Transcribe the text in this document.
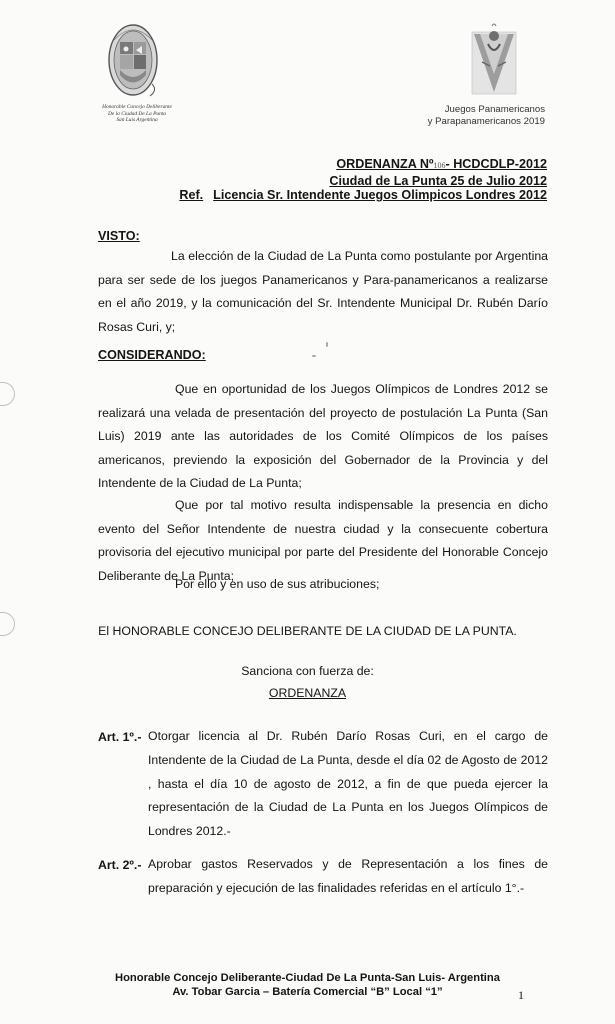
Honorable Concejo Deliberante
De la Ciudad De La Punta
San Luis Argentina
Juegos Panamericanos
y Parapanamericanos 2019
ORDENANZA Nº106- HCDCDLP-2012
Ciudad de La Punta 25 de Julio 2012
Ref. Licencia Sr. Intendente Juegos Olimpicos Londres 2012
VISTO:
La elección de la Ciudad de La Punta como postulante por Argentina para ser sede de los juegos Panamericanos y Para-panamericanos a realizarse en el año 2019, y la comunicación del Sr. Intendente Municipal Dr. Rubén Darío Rosas Curi, y;
CONSIDERANDO:
Que en oportunidad de los Juegos Olímpicos de Londres 2012 se realizará una velada de presentación del proyecto de postulación La Punta (San Luis) 2019 ante las autoridades de los Comité Olímpicos de los países americanos, previendo la exposición del Gobernador de la Provincia y del Intendente de la Ciudad de La Punta;
Que por tal motivo resulta indispensable la presencia en dicho evento del Señor Intendente de nuestra ciudad y la consecuente cobertura provisoria del ejecutivo municipal por parte del Presidente del Honorable Concejo Deliberante de La Punta;
Por ello y en uso de sus atribuciones;
El HONORABLE CONCEJO DELIBERANTE DE LA CIUDAD DE LA PUNTA.
Sanciona con fuerza de:
ORDENANZA
Art. 1º.- Otorgar licencia al Dr. Rubén Darío Rosas Curi, en el cargo de Intendente de la Ciudad de La Punta, desde el día 02 de Agosto de 2012 , hasta el día 10 de agosto de 2012, a fin de que pueda ejercer la representación de la Ciudad de La Punta en los Juegos Olímpicos de Londres 2012.-
Art. 2º.- Aprobar gastos Reservados y de Representación a los fines de preparación y ejecución de las finalidades referidas en el artículo 1°.-
Honorable Concejo Deliberante-Ciudad De La Punta-San Luis- Argentina
Av. Tobar Garcia – Batería Comercial “B” Local “1”	1
